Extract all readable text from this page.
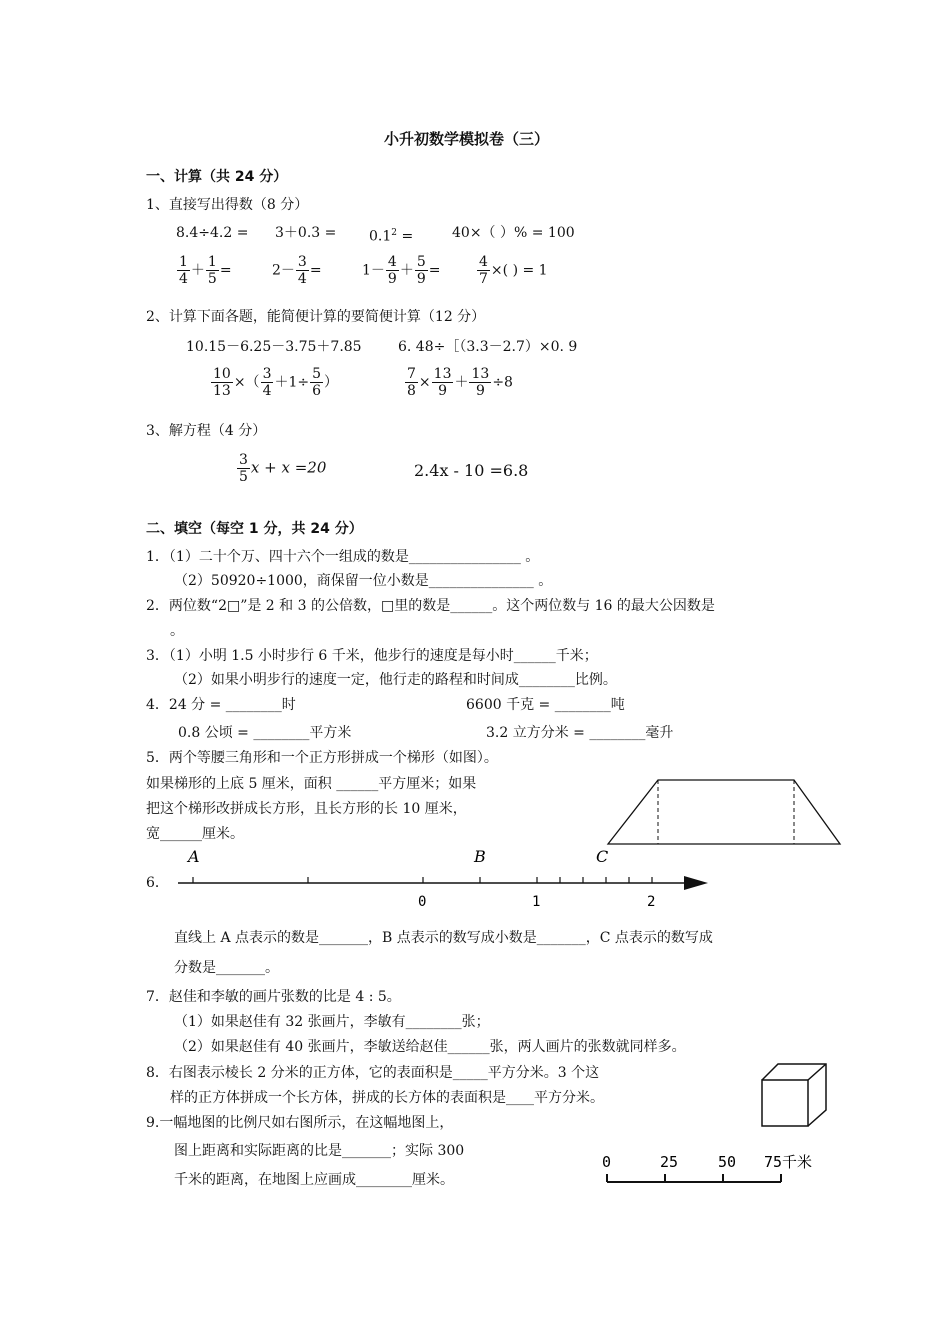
小升初数学模拟卷（三）
一、计算（共 24 分）
1、直接写出得数（8 分）
$8.4\div 4.2 = 3+0.3 = 0.1^2$ =	40×（ ）% = 100
$\frac{1}{4} + \frac{1}{5}$ =	$2- \frac{3}{4}$ =	$1- \frac{4}{9} + \frac{5}{9}$ =	$\frac{4}{7}$ ×( ) = 1
2、计算下面各题，能简便计算的要简便计算（12 分）
10.15－6.25－3.75＋7.85	6. 48÷［（3.3－2.7）×0. 9
$\frac{10}{13}$ ×（ $\frac{3}{4} +1\div \frac{5}{6}$ ）	$\frac{7}{8} \times \frac{13}{9} + \frac{13}{9} \div 8$
3、解方程（4 分）
$\frac{3}{5}$ x + x =20	2.4x - 10 =6.8
二、填空（每空 1 分，共 24 分）
1．（1）二十个万、四十六个一组成的数是________________ 。
（2）50920÷1000，商保留一位小数是_______________ 。
2．两位数“2□”是 2 和 3 的公倍数，□里的数是______。这个两位数与 16 的最大公因数是
。
3．（1）小明 1.5 小时步行 6 千米，他步行的速度是每小时______千米；
（2）如果小明步行的速度一定，他行走的路程和时间成________比例。
4．24 分 = ________时	6600 千克 = ________吨
0.8 公顷 = ________平方米	3.2 立方分米 = ________毫升
5．两个等腰三角形和一个正方形拼成一个梯形（如图）。
如果梯形的上底 5 厘米，面积 ______平方厘米；如果
把这个梯形改拼成长方形，且长方形的长 10 厘米，
宽______厘米。
6．
A	B	C
0	1	2
直线上 A 点表示的数是_______，B 点表示的数写成小数是_______，C 点表示的数写成
分数是_______。
7．赵佳和李敏的画片张数的比是 4 : 5。
（1）如果赵佳有 32 张画片，李敏有________张；
（2）如果赵佳有 40 张画片，李敏送给赵佳______张，两人画片的张数就同样多。
8．右图表示棱长 2 分米的正方体，它的表面积是_____平方分米。3 个这
样的正方体拼成一个长方体，拼成的长方体的表面积是____平方分米。
9.一幅地图的比例尺如右图所示，在这幅地图上，
图上距离和实际距离的比是_______；实际 300
千米的距离，在地图上应画成________厘米。
0	25	50 75千米
